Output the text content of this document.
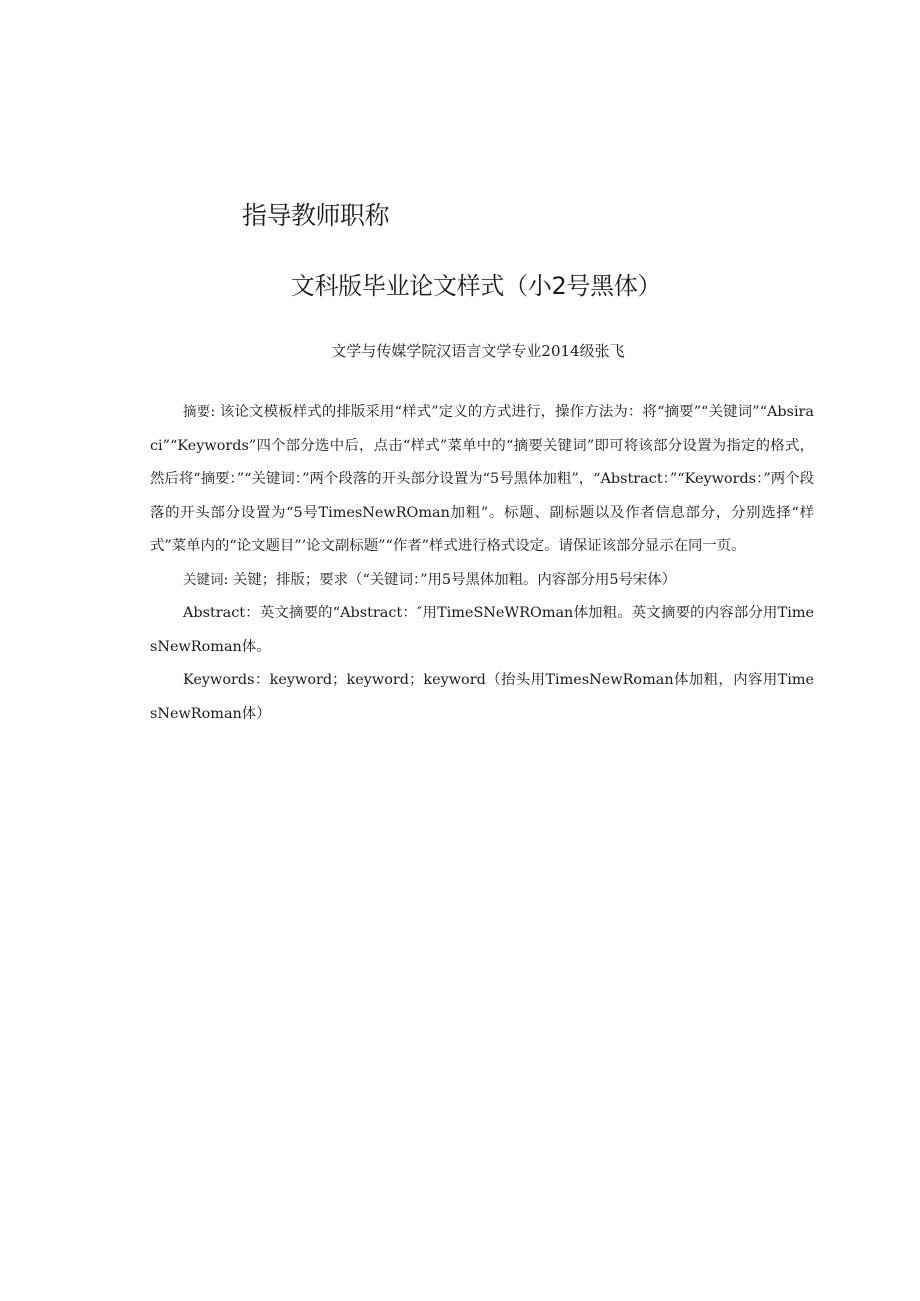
指导教师职称
文科版毕业论文样式（小2号黑体）
文学与传媒学院汉语言文学专业2014级张飞

摘要: 该论文模板样式的排版采用“样式”定义的方式进行，操作方法为：将“摘要”“关键词”“Absiraci”“Keywords”四个部分选中后，点击“样式”菜单中的“摘要关键词”即可将该部分设置为指定的格式，然后将“摘要：”“关键词：”两个段落的开头部分设置为“5号黑体加粗”，“Abstract：”“Keywords：”两个段落的开头部分设置为“5号TimesNewROman加粗”。标题、副标题以及作者信息部分，分别选择“样式”菜单内的“论文题目”’论文副标题”“作者”样式进行格式设定。请保证该部分显示在同一页。

关键词: 关键；排版；要求（“关键词：”用5号黑体加粗。内容部分用5号宋体）

Abstract：英文摘要的“Abstract：″用TimeSNeWROman体加粗。英文摘要的内容部分用TimesNewRoman体。

Keywords：keyword；keyword；keyword（抬头用TimesNewRoman体加粗，内容用TimesNewRoman体）
